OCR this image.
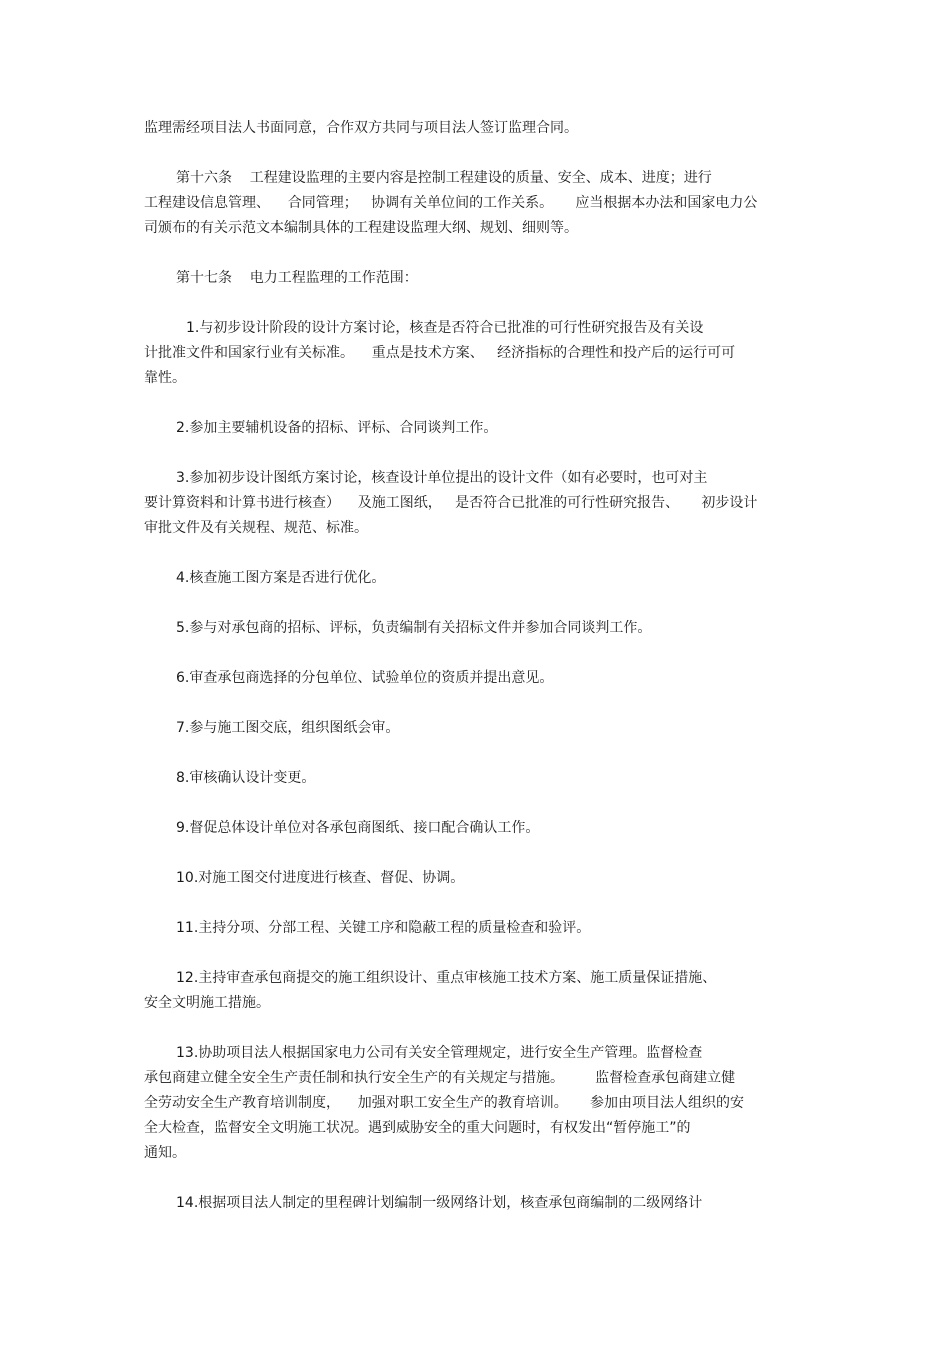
监理需经项目法人书面同意，合作双方共同与项目法人签订监理合同。
第十六条    工程建设监理的主要内容是控制工程建设的质量、安全、成本、进度；进行
工程建设信息管理、    合同管理；   协调有关单位间的工作关系。     应当根据本办法和国家电力公
司颁布的有关示范文本编制具体的工程建设监理大纲、规划、细则等。
第十七条    电力工程监理的工作范围：
1.与初步设计阶段的设计方案讨论，核查是否符合已批准的可行性研究报告及有关设
计批准文件和国家行业有关标准。    重点是技术方案、   经济指标的合理性和投产后的运行可可
靠性。
2.参加主要辅机设备的招标、评标、合同谈判工作。
3.参加初步设计图纸方案讨论，核查设计单位提出的设计文件（如有必要时，也可对主
要计算资料和计算书进行核查）    及施工图纸，   是否符合已批准的可行性研究报告、     初步设计
审批文件及有关规程、规范、标准。
4.核查施工图方案是否进行优化。
5.参与对承包商的招标、评标，负责编制有关招标文件并参加合同谈判工作。
6.审查承包商选择的分包单位、试验单位的资质并提出意见。
7.参与施工图交底，组织图纸会审。
8.审核确认设计变更。
9.督促总体设计单位对各承包商图纸、接口配合确认工作。
10.对施工图交付进度进行核查、督促、协调。
11.主持分项、分部工程、关键工序和隐蔽工程的质量检查和验评。
12.主持审查承包商提交的施工组织设计、重点审核施工技术方案、施工质量保证措施、
安全文明施工措施。
13.协助项目法人根据国家电力公司有关安全管理规定，进行安全生产管理。监督检查
承包商建立健全安全生产责任制和执行安全生产的有关规定与措施。       监督检查承包商建立健
全劳动安全生产教育培训制度，    加强对职工安全生产的教育培训。     参加由项目法人组织的安
全大检查，监督安全文明施工状况。遇到威胁安全的重大问题时，有权发出“暂停施工”的
通知。
14.根据项目法人制定的里程碑计划编制一级网络计划，核查承包商编制的二级网络计
